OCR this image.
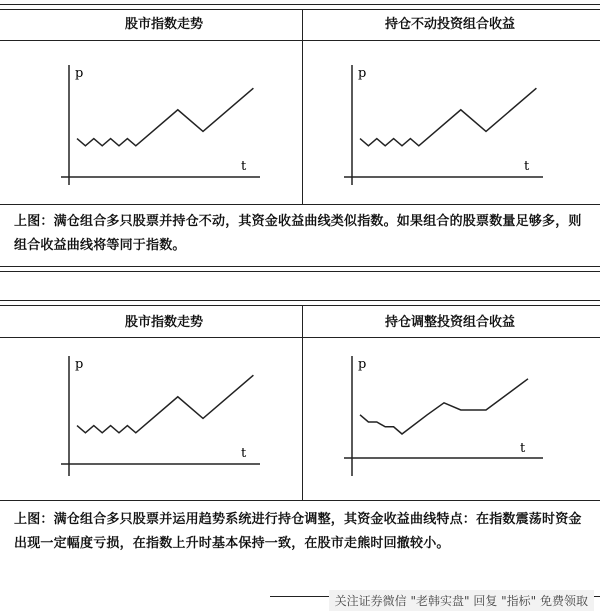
股市指数走势	持仓不动投资组合收益
p
t
p
t
上图：满仓组合多只股票并持仓不动，其资金收益曲线类似指数。如果组合的股票数量足够多，则组合收益曲线将等同于指数。
股市指数走势	持仓调整投资组合收益
p
t
p
t
上图：满仓组合多只股票并运用趋势系统进行持仓调整，其资金收益曲线特点：在指数震荡时资金出现一定幅度亏损，在指数上升时基本保持一致，在股市走熊时回撤较小。
关注证券微信 "老韩实盘" 回复 "指标" 免费领取
